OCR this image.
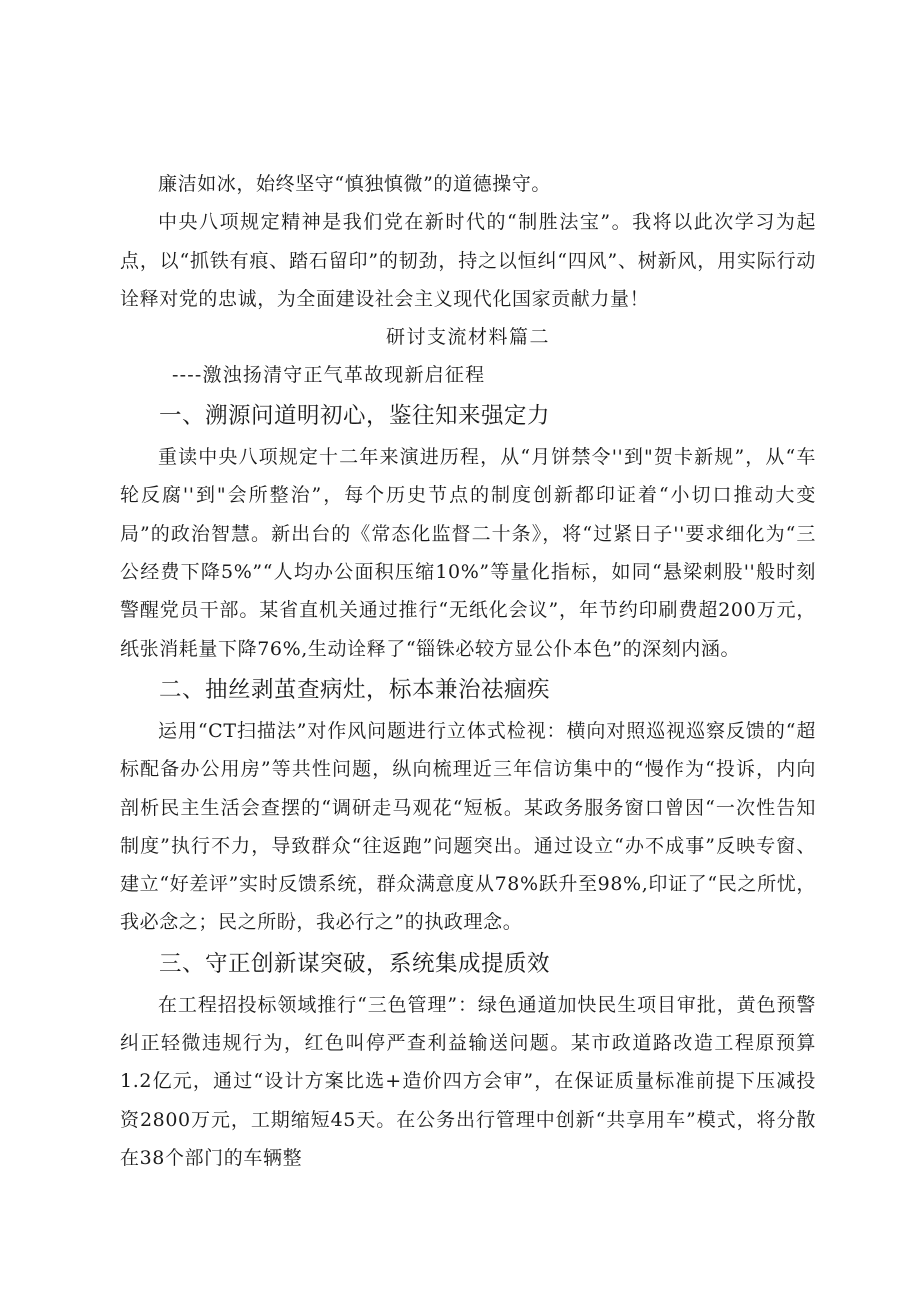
廉洁如冰，始终坚守“慎独慎微”的道德操守。

中央八项规定精神是我们党在新时代的“制胜法宝”。我将以此次学习为起点，以“抓铁有痕、踏石留印”的韧劲，持之以恒纠“四风”、树新风，用实际行动诠释对党的忠诚，为全面建设社会主义现代化国家贡献力量！

研讨支流材料篇二

----激浊扬清守正气革故现新启征程

一、溯源问道明初心，鉴往知来强定力

重读中央八项规定十二年来演进历程，从“月饼禁令''到"贺卡新规”，从“车轮反腐''到"会所整治”，每个历史节点的制度创新都印证着“小切口推动大变局”的政治智慧。新出台的《常态化监督二十条》，将“过紧日子''要求细化为“三公经费下降5%”“人均办公面积压缩10%”等量化指标，如同“悬梁刺股''般时刻警醒党员干部。某省直机关通过推行“无纸化会议”，年节约印刷费超200万元，纸张消耗量下降76%,生动诠释了“锱铢必较方显公仆本色”的深刻内涵。

二、抽丝剥茧查病灶，标本兼治祛痼疾

运用“CT扫描法”对作风问题进行立体式检视：横向对照巡视巡察反馈的“超标配备办公用房”等共性问题，纵向梳理近三年信访集中的“慢作为“投诉，内向剖析民主生活会查摆的“调研走马观花“短板。某政务服务窗口曾因“一次性告知制度”执行不力，导致群众“往返跑”问题突出。通过设立“办不成事”反映专窗、建立“好差评”实时反馈系统，群众满意度从78%跃升至98%,印证了“民之所忧，我必念之；民之所盼，我必行之”的执政理念。

三、守正创新谋突破，系统集成提质效

在工程招投标领域推行“三色管理”：绿色通道加快民生项目审批，黄色预警纠正轻微违规行为，红色叫停严查利益输送问题。某市政道路改造工程原预算1.2亿元，通过“设计方案比选+造价四方会审”，在保证质量标准前提下压减投资2800万元，工期缩短45天。在公务出行管理中创新“共享用车”模式，将分散在38个部门的车辆整
